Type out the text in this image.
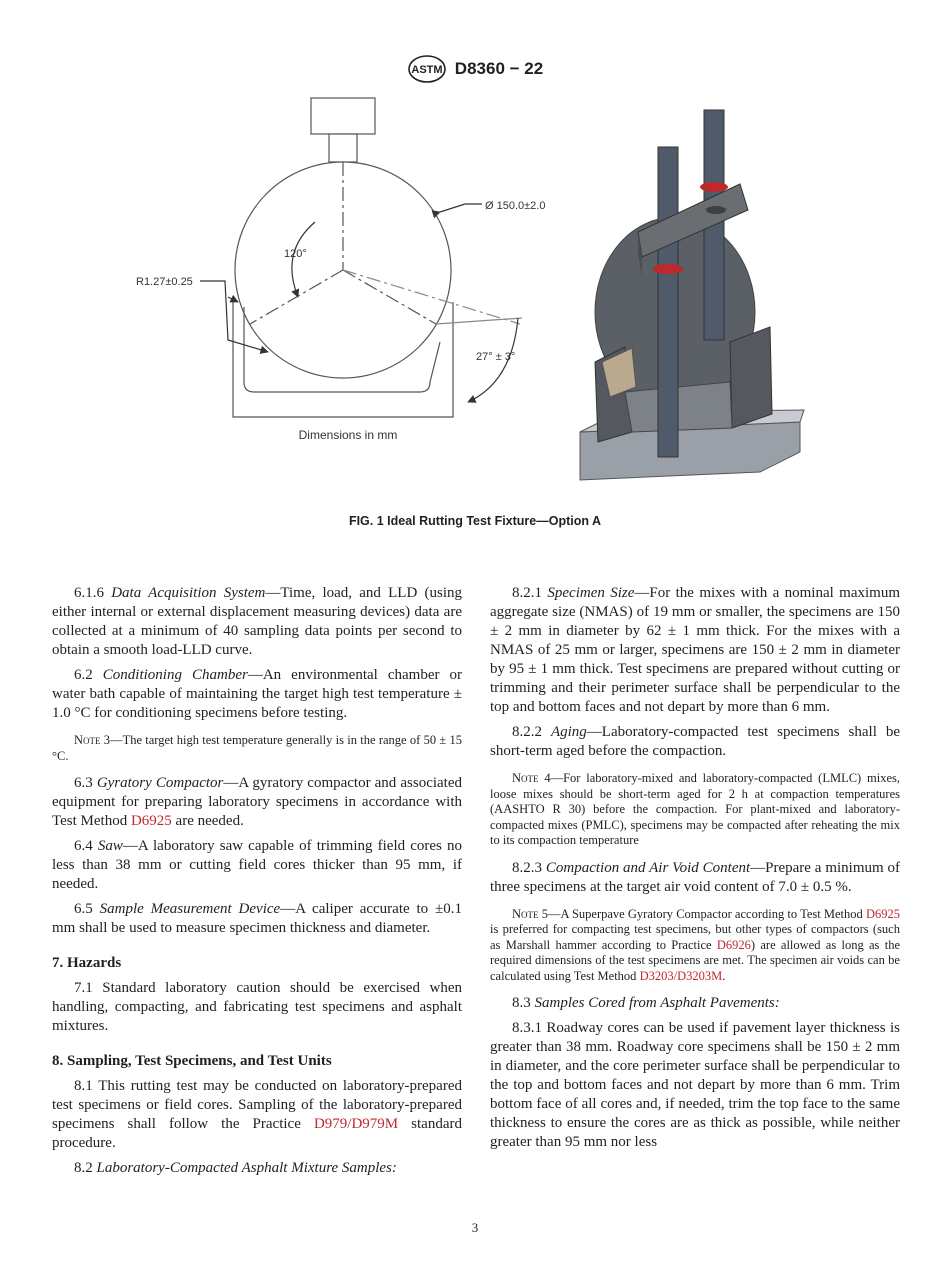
ASTM D8360 − 22
Ø 150.0±2.0
R1.27±0.25
120°
27° ± 3°
Dimensions in mm
FIG. 1 Ideal Rutting Test Fixture—Option A

6.1.6 Data Acquisition System—Time, load, and LLD (using either internal or external displacement measuring devices) data are collected at a minimum of 40 sampling data points per second to obtain a smooth load-LLD curve.

6.2 Conditioning Chamber—An environmental chamber or water bath capable of maintaining the target high test temperature ± 1.0 °C for conditioning specimens before testing.

Note 3—The target high test temperature generally is in the range of 50 ± 15 °C.

6.3 Gyratory Compactor—A gyratory compactor and associated equipment for preparing laboratory specimens in accordance with Test Method D6925 are needed.

6.4 Saw—A laboratory saw capable of trimming field cores no less than 38 mm or cutting field cores thicker than 95 mm, if needed.

6.5 Sample Measurement Device—A caliper accurate to ±0.1 mm shall be used to measure specimen thickness and diameter.

7. Hazards

7.1 Standard laboratory caution should be exercised when handling, compacting, and fabricating test specimens and asphalt mixtures.

8. Sampling, Test Specimens, and Test Units

8.1 This rutting test may be conducted on laboratory-prepared test specimens or field cores. Sampling of the laboratory-prepared specimens shall follow the Practice D979/D979M standard procedure.

8.2 Laboratory-Compacted Asphalt Mixture Samples:

8.2.1 Specimen Size—For the mixes with a nominal maximum aggregate size (NMAS) of 19 mm or smaller, the specimens are 150 ± 2 mm in diameter by 62 ± 1 mm thick. For the mixes with a NMAS of 25 mm or larger, specimens are 150 ± 2 mm in diameter by 95 ± 1 mm thick. Test specimens are prepared without cutting or trimming and their perimeter surface shall be perpendicular to the top and bottom faces and not depart by more than 6 mm.

8.2.2 Aging—Laboratory-compacted test specimens shall be short-term aged before the compaction.

Note 4—For laboratory-mixed and laboratory-compacted (LMLC) mixes, loose mixes should be short-term aged for 2 h at compaction temperatures (AASHTO R 30) before the compaction. For plant-mixed and laboratory-compacted mixes (PMLC), specimens may be compacted after reheating the mix to its compaction temperature

8.2.3 Compaction and Air Void Content—Prepare a minimum of three specimens at the target air void content of 7.0 ± 0.5 %.

Note 5—A Superpave Gyratory Compactor according to Test Method D6925 is preferred for compacting test specimens, but other types of compactors (such as Marshall hammer according to Practice D6926) are allowed as long as the required dimensions of the test specimens are met. The specimen air voids can be calculated using Test Method D3203/D3203M.

8.3 Samples Cored from Asphalt Pavements:

8.3.1 Roadway cores can be used if pavement layer thickness is greater than 38 mm. Roadway core specimens shall be 150 ± 2 mm in diameter, and the core perimeter surface shall be perpendicular to the top and bottom faces and not depart by more than 6 mm. Trim bottom face of all cores and, if needed, trim the top face to the same thickness to ensure the cores are as thick as possible, while neither greater than 95 mm nor less

3
